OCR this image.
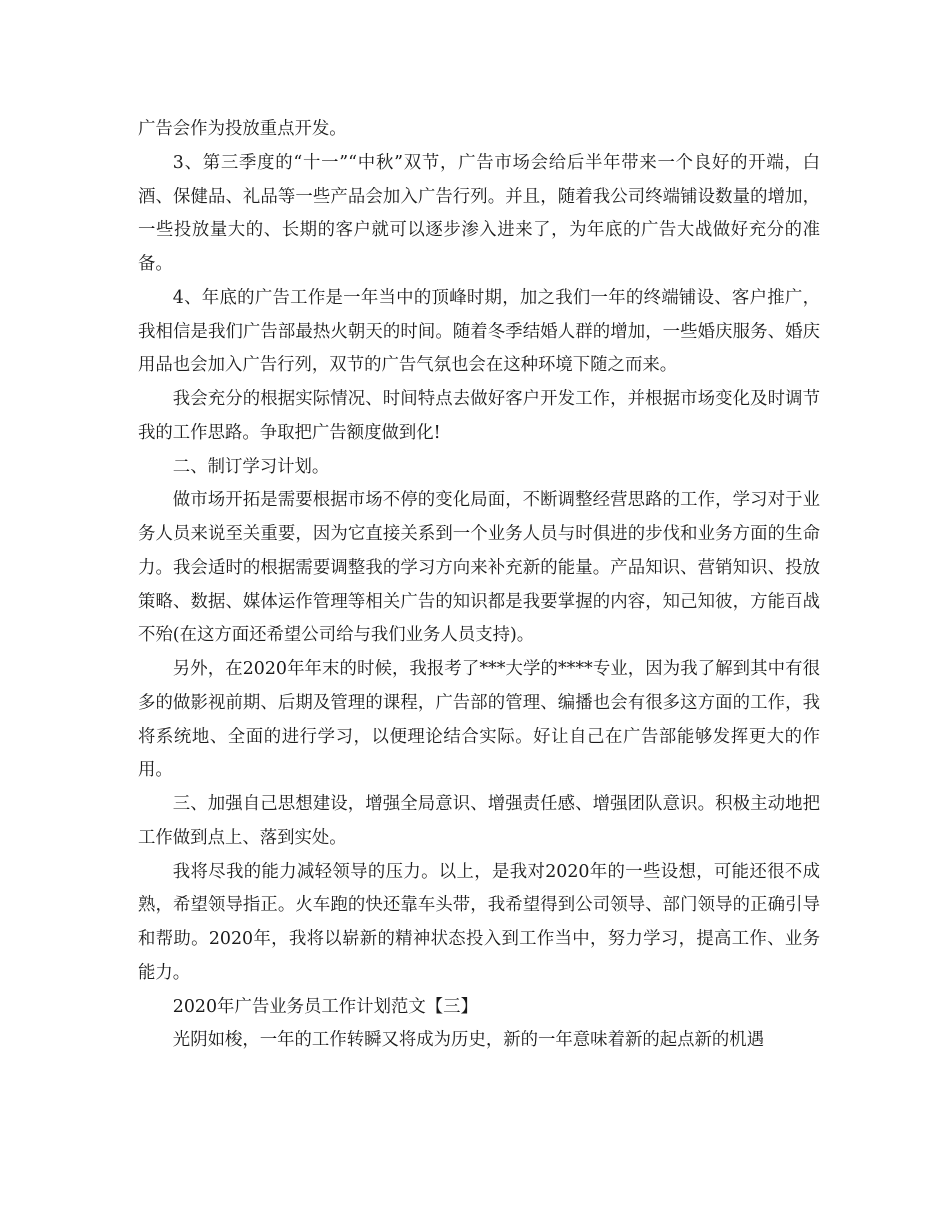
广告会作为投放重点开发。

3、第三季度的“十一”“中秋”双节，广告市场会给后半年带来一个良好的开端，白酒、保健品、礼品等一些产品会加入广告行列。并且，随着我公司终端铺设数量的增加，一些投放量大的、长期的客户就可以逐步渗入进来了，为年底的广告大战做好充分的准备。

4、年底的广告工作是一年当中的顶峰时期，加之我们一年的终端铺设、客户推广，我相信是我们广告部最热火朝天的时间。随着冬季结婚人群的增加，一些婚庆服务、婚庆用品也会加入广告行列，双节的广告气氛也会在这种环境下随之而来。

我会充分的根据实际情况、时间特点去做好客户开发工作，并根据市场变化及时调节我的工作思路。争取把广告额度做到化!

二、制订学习计划。

做市场开拓是需要根据市场不停的变化局面，不断调整经营思路的工作，学习对于业务人员来说至关重要，因为它直接关系到一个业务人员与时俱进的步伐和业务方面的生命力。我会适时的根据需要调整我的学习方向来补充新的能量。产品知识、营销知识、投放策略、数据、媒体运作管理等相关广告的知识都是我要掌握的内容，知己知彼，方能百战不殆(在这方面还希望公司给与我们业务人员支持)。

另外，在2020年年末的时候，我报考了***大学的****专业，因为我了解到其中有很多的做影视前期、后期及管理的课程，广告部的管理、编播也会有很多这方面的工作，我将系统地、全面的进行学习，以便理论结合实际。好让自己在广告部能够发挥更大的作用。

三、加强自己思想建设，增强全局意识、增强责任感、增强团队意识。积极主动地把工作做到点上、落到实处。

我将尽我的能力减轻领导的压力。以上，是我对2020年的一些设想，可能还很不成熟，希望领导指正。火车跑的快还靠车头带，我希望得到公司领导、部门领导的正确引导和帮助。2020年，我将以崭新的精神状态投入到工作当中，努力学习，提高工作、业务能力。

2020年广告业务员工作计划范文【三】

光阴如梭，一年的工作转瞬又将成为历史，新的一年意味着新的起点新的机遇
